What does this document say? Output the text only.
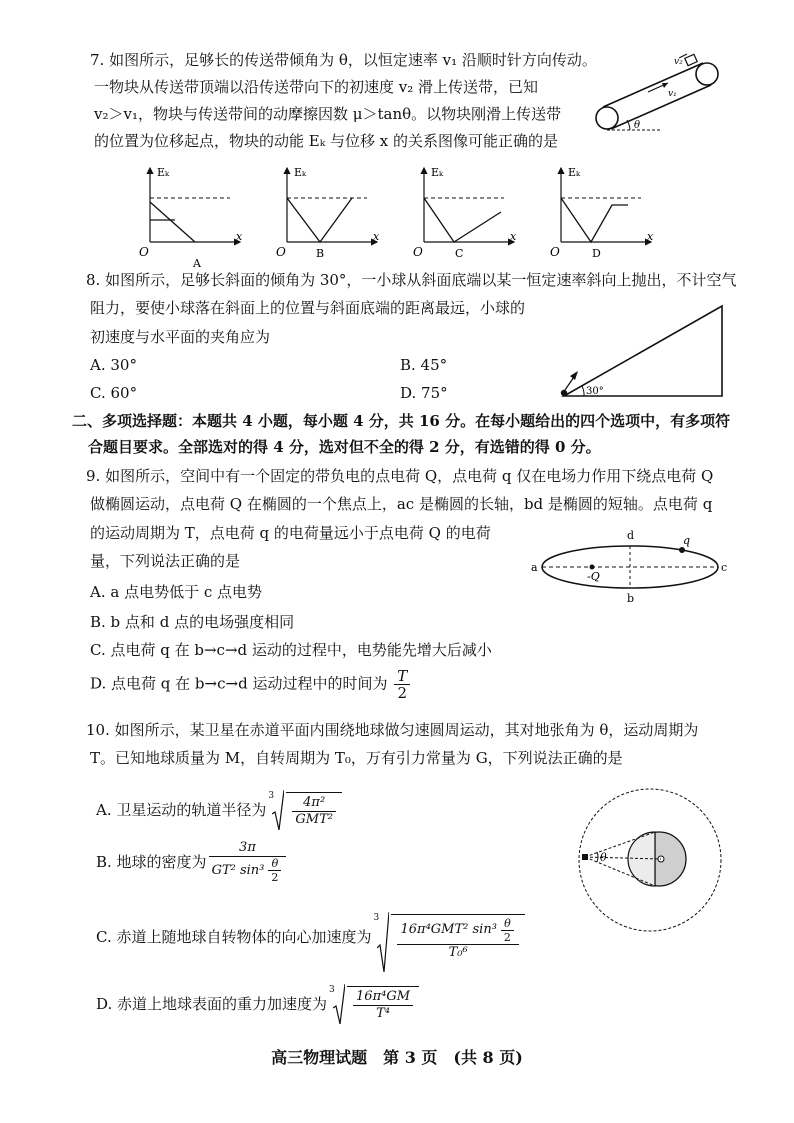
7. 如图所示，足够长的传送带倾角为 θ，以恒定速率 v₁ 沿顺时针方向传动。
一物块从传送带顶端以沿传送带向下的初速度 v₂ 滑上传送带，已知
v₂＞v₁，物块与传送带间的动摩擦因数 μ＞tanθ。以物块刚滑上传送带
的位置为位移起点，物块的动能 Eₖ 与位移 x 的关系图像可能正确的是
v₁
v₂
θ
Eₖ
x
O
A
Eₖ
x
O	B
Eₖ
x
O	C
Eₖ
x
O	D
8. 如图所示，足够长斜面的倾角为 30°，一小球从斜面底端以某一恒定速率斜向上抛出，不计空气
阻力，要使小球落在斜面上的位置与斜面底端的距离最远，小球的
初速度与水平面的夹角应为
A. 30°	B. 45°
C. 60°	D. 75°	30°
二、多项选择题：本题共 4 小题，每小题 4 分，共 16 分。在每小题给出的四个选项中，有多项符
合题目要求。全部选对的得 4 分，选对但不全的得 2 分，有选错的得 0 分。
9. 如图所示，空间中有一个固定的带负电的点电荷 Q，点电荷 q 仅在电场力作用下绕点电荷 Q
做椭圆运动，点电荷 Q 在椭圆的一个焦点上，ac 是椭圆的长轴，bd 是椭圆的短轴。点电荷 q
的运动周期为 T，点电荷 q 的电荷量远小于点电荷 Q 的电荷
量，下列说法正确的是
A. a 点电势低于 c 点电势
B. b 点和 d 点的电场强度相同
C. 点电荷 q 在 b→c→d 运动的过程中，电势能先增大后减小
D. 点电荷 q 在 b→c→d 运动过程中的时间为 $\frac{T}{2}$
a	c
d
b
q
-Q
10. 如图所示，某卫星在赤道平面内围绕地球做匀速圆周运动，其对地张角为 θ，运动周期为
T。已知地球质量为 M，自转周期为 T₀，万有引力常量为 G，下列说法正确的是
A. 卫星运动的轨道半径为
$3 \frac{\text{4π²}}{\text{GMT²}}$
B. 地球的密度为 $\frac{3\pi}{GT^2 \sin^3 \frac{\theta}{2}}$
C. 赤道上随地球自转物体的向心加速度为
$3 \frac{16\pi^4GMT^2 \sin^3 \frac{\theta}{2}}{\text{T₀⁶}}$
D. 赤道上地球表面的重力加速度为
$3 \frac{\text{16π⁴GM}}{\text{T⁴}}$
θ
高三物理试题　第 3 页　(共 8 页)
